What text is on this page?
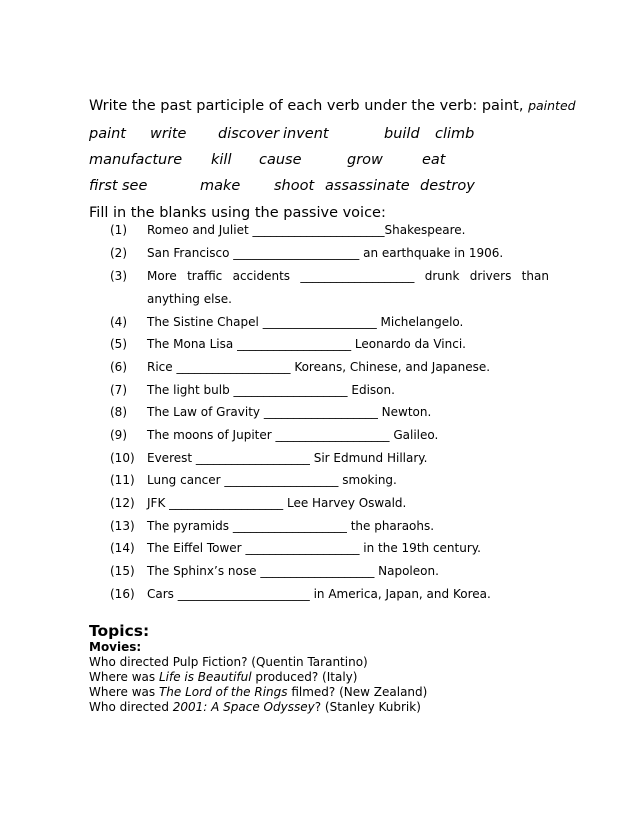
Write the past participle of each verb under the verb: paint, painted
paint write discover invent	build climb
manufacture kill cause	grow	eat
first see	make shoot assassinate destroy
Fill in the blanks using the passive voice:
(1) Romeo and Juliet ______________________Shakespeare.
(2) San Francisco _____________________ an earthquake in 1906.
(3) More traffic accidents ___________________ drunk drivers than
anything else.
(4) The Sistine Chapel ___________________ Michelangelo.
(5) The Mona Lisa ___________________ Leonardo da Vinci.
(6) Rice ___________________ Koreans, Chinese, and Japanese.
(7) The light bulb ___________________ Edison.
(8) The Law of Gravity ___________________ Newton.
(9) The moons of Jupiter ___________________ Galileo.
(10) Everest ___________________ Sir Edmund Hillary.
(11) Lung cancer ___________________ smoking.
(12) JFK ___________________ Lee Harvey Oswald.
(13) The pyramids ___________________ the pharaohs.
(14) The Eiffel Tower ___________________ in the 19th century.
(15) The Sphinx’s nose ___________________ Napoleon.
(16) Cars ______________________ in America, Japan, and Korea.
Topics:
Movies:
Who directed Pulp Fiction? (Quentin Tarantino)
Where was Life is Beautiful produced? (Italy)
Where was The Lord of the Rings filmed? (New Zealand)
Who directed 2001: A Space Odyssey? (Stanley Kubrik)
